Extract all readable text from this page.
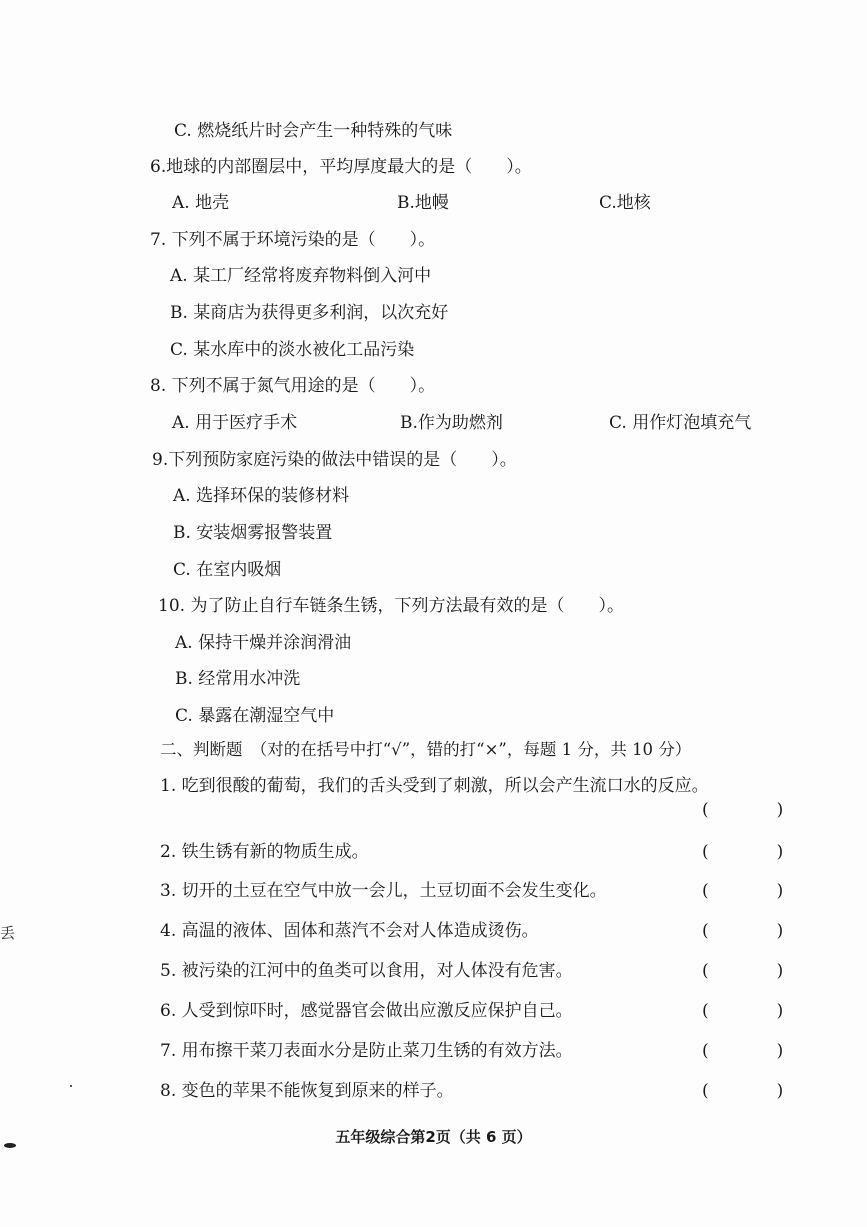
C. 燃烧纸片时会产生一种特殊的气味
6.地球的内部圈层中，平均厚度最大的是（　　）。
A. 地壳	B.地幔	C.地核
7. 下列不属于环境污染的是（　　）。
A. 某工厂经常将废弃物料倒入河中
B. 某商店为获得更多利润，以次充好
C. 某水库中的淡水被化工品污染
8. 下列不属于氮气用途的是（　　）。
A. 用于医疗手术	B.作为助燃剂	C. 用作灯泡填充气
9.下列预防家庭污染的做法中错误的是（　　）。
A. 选择环保的装修材料
B. 安装烟雾报警装置
C. 在室内吸烟
10. 为了防止自行车链条生锈，下列方法最有效的是（　　）。
A. 保持干燥并涂润滑油
B. 经常用水冲洗
C. 暴露在潮湿空气中
二、判断题　（对的在括号中打“√”，错的打“×”，每题 1 分，共 10 分）
1. 吃到很酸的葡萄，我们的舌头受到了刺激，所以会产生流口水的反应。
(　　　　)
2. 铁生锈有新的物质生成。	(　　　　)
3. 切开的土豆在空气中放一会儿，土豆切面不会发生变化。	(　　　　)
4. 高温的液体、固体和蒸汽不会对人体造成烫伤。	(　　　　)
5. 被污染的江河中的鱼类可以食用，对人体没有危害。	(　　　　)
6. 人受到惊吓时，感觉器官会做出应激反应保护自己。	(　　　　)
7. 用布擦干菜刀表面水分是防止菜刀生锈的有效方法。	(　　　　)
8. 变色的苹果不能恢复到原来的样子。	(　　　　)
五年级综合第2页（共 6 页）
丢
